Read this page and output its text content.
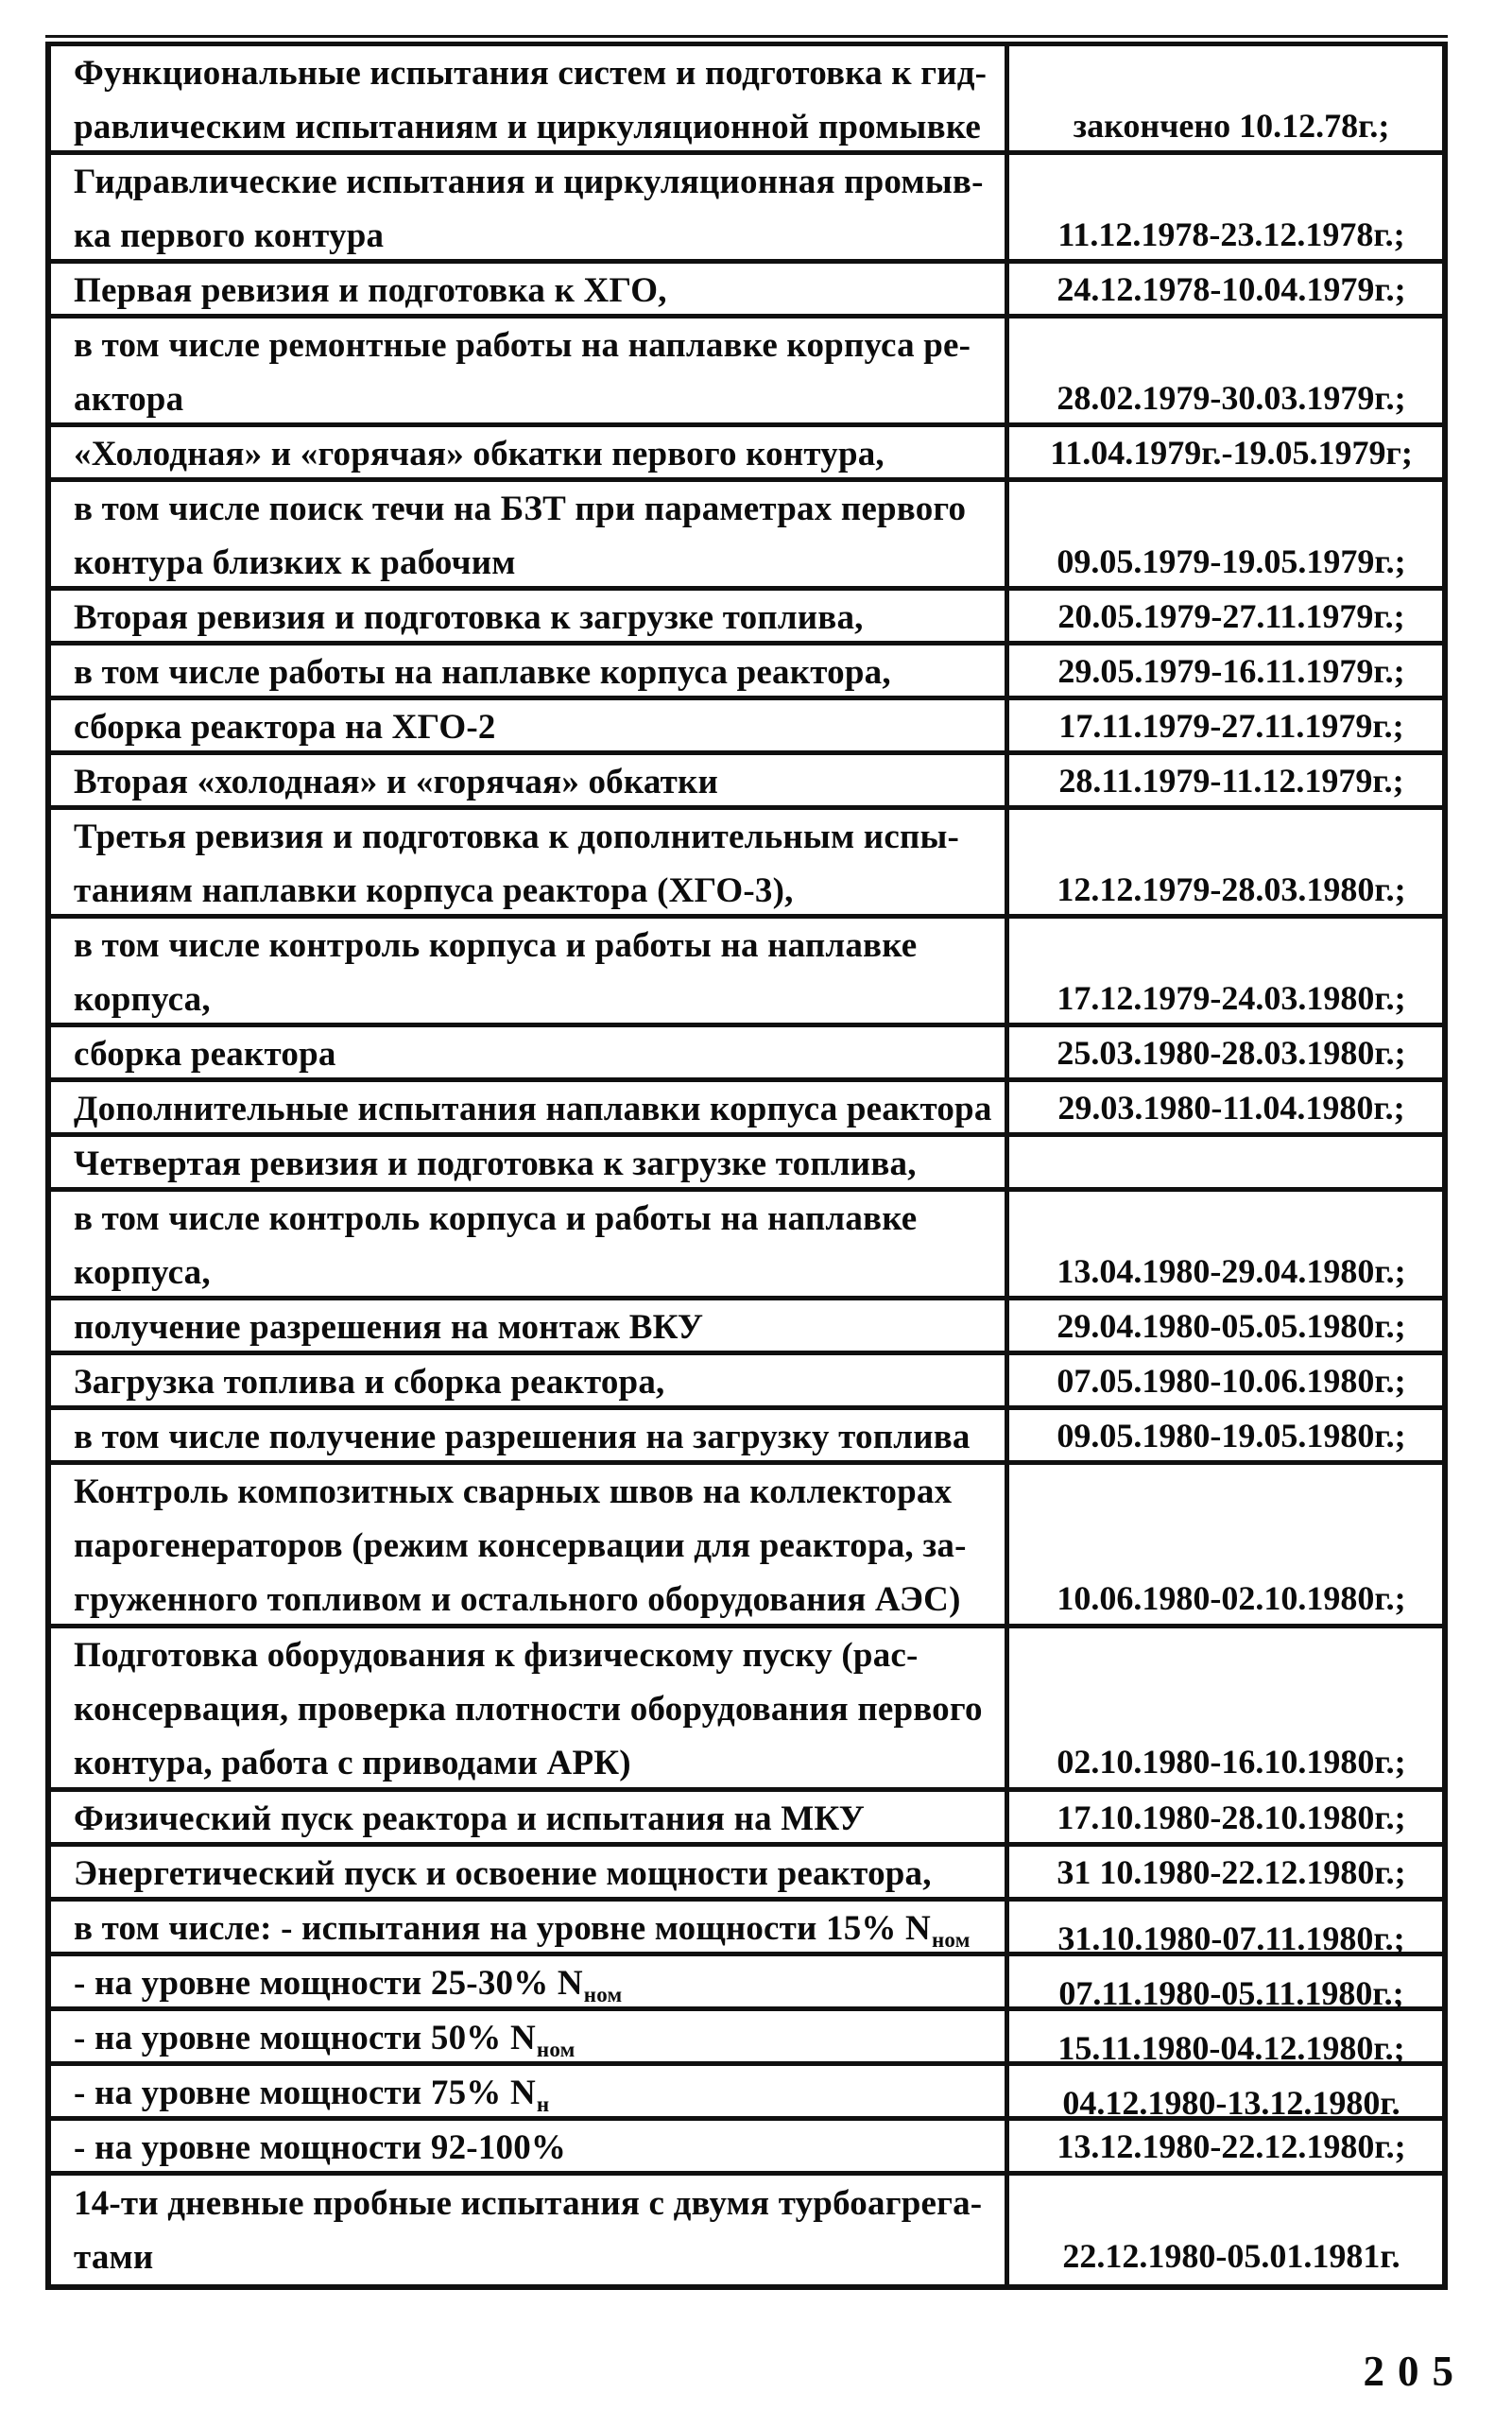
Функциональные испытания систем и подготовка к гид-
равлическим испытаниям и циркуляционной промывке	закончено 10.12.78г.;
Гидравлические испытания и циркуляционная промыв-
ка первого контура	11.12.1978-23.12.1978г.;
Первая ревизия и подготовка к ХГО,	24.12.1978-10.04.1979г.;
в том числе ремонтные работы на наплавке корпуса ре-
актора	28.02.1979-30.03.1979г.;
«Холодная» и «горячая» обкатки первого контура,	11.04.1979г.-19.05.1979г;
в том числе поиск течи на БЗТ при параметрах первого
контура близких к рабочим	09.05.1979-19.05.1979г.;
Вторая ревизия и подготовка к загрузке топлива,	20.05.1979-27.11.1979г.;
в том числе работы на наплавке корпуса реактора,	29.05.1979-16.11.1979г.;
сборка реактора на ХГО-2	17.11.1979-27.11.1979г.;
Вторая «холодная» и «горячая» обкатки	28.11.1979-11.12.1979г.;
Третья ревизия и подготовка к дополнительным испы-
таниям наплавки корпуса реактора (ХГО-3),	12.12.1979-28.03.1980г.;
в том числе контроль корпуса и работы на наплавке
корпуса,	17.12.1979-24.03.1980г.;
сборка реактора	25.03.1980-28.03.1980г.;
Дополнительные испытания наплавки корпуса реактора 29.03.1980-11.04.1980г.;
Четвертая ревизия и подготовка к загрузке топлива,
в том числе контроль корпуса и работы на наплавке
корпуса,	13.04.1980-29.04.1980г.;
получение разрешения на монтаж ВКУ	29.04.1980-05.05.1980г.;
Загрузка топлива и сборка реактора,	07.05.1980-10.06.1980г.;
в том числе получение разрешения на загрузку топлива	09.05.1980-19.05.1980г.;
Контроль композитных сварных швов на коллекторах
парогенераторов (режим консервации для реактора, за-
груженного топливом и остального оборудования АЭС)	10.06.1980-02.10.1980г.;
Подготовка оборудования к физическому пуску (рас-
консервация, проверка плотности оборудования первого
контура, работа с приводами АРК)	02.10.1980-16.10.1980г.;
Физический пуск реактора и испытания на МКУ	17.10.1980-28.10.1980г.;
Энергетический пуск и освоение мощности реактора,	31 10.1980-22.12.1980г.;
в том числе: - испытания на уровне мощности 15% $N_{ном}$	31.10.1980-07.11.1980г.;
- на уровне мощности 25-30% $N_{ном}$	07.11.1980-05.11.1980г.;
- на уровне мощности 50% $N_{ном}$	15.11.1980-04.12.1980г.;
- на уровне мощности 75% $N_н$	04.12.1980-13.12.1980г.
- на уровне мощности 92-100%	13.12.1980-22.12.1980г.;
14-ти дневные пробные испытания с двумя турбоагрега-
тами	22.12.1980-05.01.1981г.
205
